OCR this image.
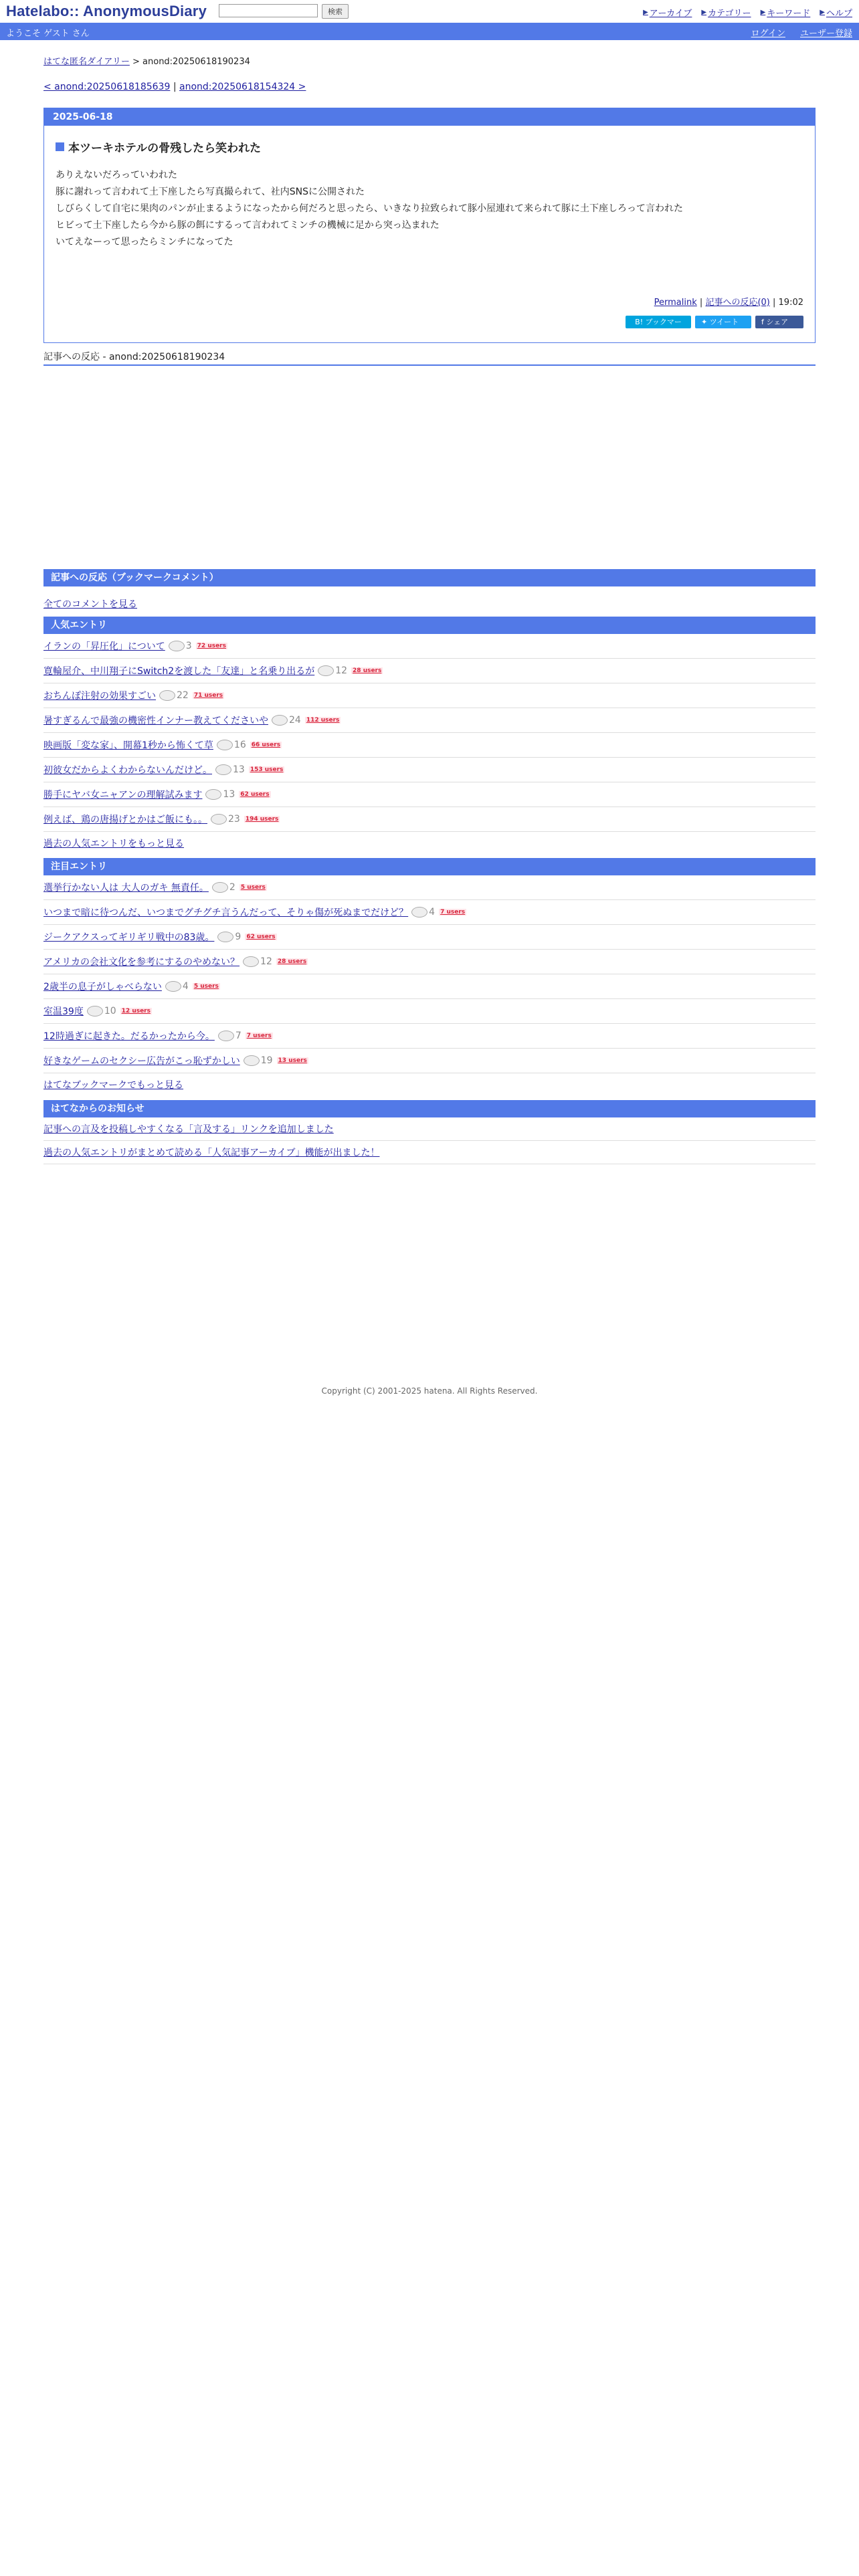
Hatelabo:: AnonymousDiary	検索	▶ アーカイブ ▶ カテゴリー ▶ キーワード ▶ ヘルプ
ようこそ ゲスト さん	ログイン ユーザー登録
はてな匿名ダイアリー > anond:20250618190234
< anond:20250618185639 | anond:20250618154324 >
2025-06-18
本ツーキホテルの骨残したら笑われた
ありえないだろっていわれた
豚に謝れって言われて土下座したら写真撮られて、社内SNSに公開された
しびらくして自宅に果肉のパンが止まるようになったから何だろと思ったら、いきなり拉致られて豚小屋連れて来られて豚に土下座しろって言われた
ヒビって土下座したら今から豚の餌にするって言われてミンチの機械に足から突っ込まれた
いてえなーって思ったらミンチになってた
Permalink | 記事への反応(0) | 19:02
B! ブックマーク 0
✦ ツイート	f シェア
記事への反応 - anond:20250618190234
記事への反応（ブックマークコメント）
全てのコメントを見る
人気エントリ
イランの「昇圧化」について 3 72 users
寛輪屋介、中川翔子にSwitch2を渡した「友達」と名乗り出るが 12 28 users
おちんぽ注射の効果すごい 22 71 users
暑すぎるんで最強の機密性インナー教えてくださいや 24 112 users
映画版「変な家」、開幕1秒から怖くて草 16 66 users
初彼女だからよくわからないんだけど。 13 153 users
勝手にヤバ女ニャアンの理解試みます 13 62 users
例えば、鶏の唐揚げとかはご飯にも。。 23 194 users
過去の人気エントリをもっと見る
注目エントリ
選挙行かない人は 大人のガキ 無責任。 2 5 users
いつまで暗に待つんだ、いつまでグチグチ言うんだって、そりゃ傷が死ぬまでだけど？ 4 7 users
ジークアクスってギリギリ戦中の83歳。 9 62 users
アメリカの会社文化を参考にするのやめない？ 12 28 users
2歳半の息子がしゃべらない 4 5 users
室温39度 10 12 users
12時過ぎに起きた。だるかったから今。 7 7 users
好きなゲームのセクシー広告がこっ恥ずかしい 19 13 users
はてなブックマークでもっと見る
はてなからのお知らせ
記事への言及を投稿しやすくなる「言及する」リンクを追加しました
過去の人気エントリがまとめて読める「人気記事アーカイブ」機能が出ました！
Copyright (C) 2001-2025 hatena. All Rights Reserved.
